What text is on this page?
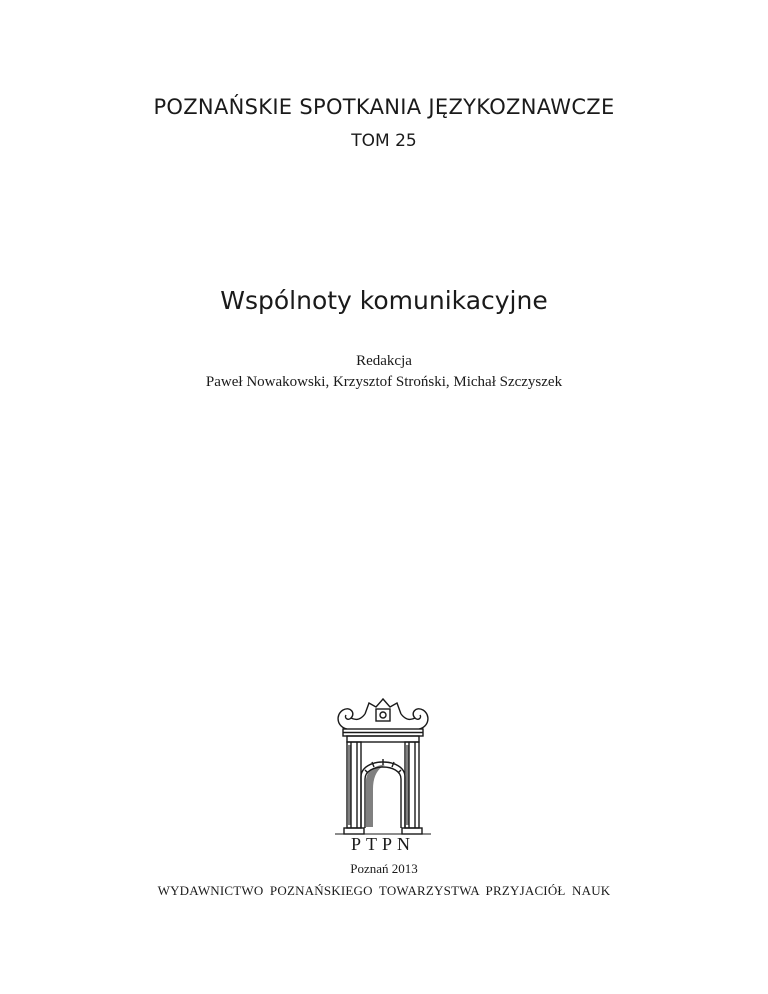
POZNAŃSKIE SPOTKANIA JĘZYKOZNAWCZE
TOM 25
Wspólnoty komunikacyjne
Redakcja
Paweł Nowakowski, Krzysztof Stroński, Michał Szczyszek
PTPN
Poznań 2013
WYDAWNICTWO POZNAŃSKIEGO TOWARZYSTWA PRZYJACIÓŁ NAUK
